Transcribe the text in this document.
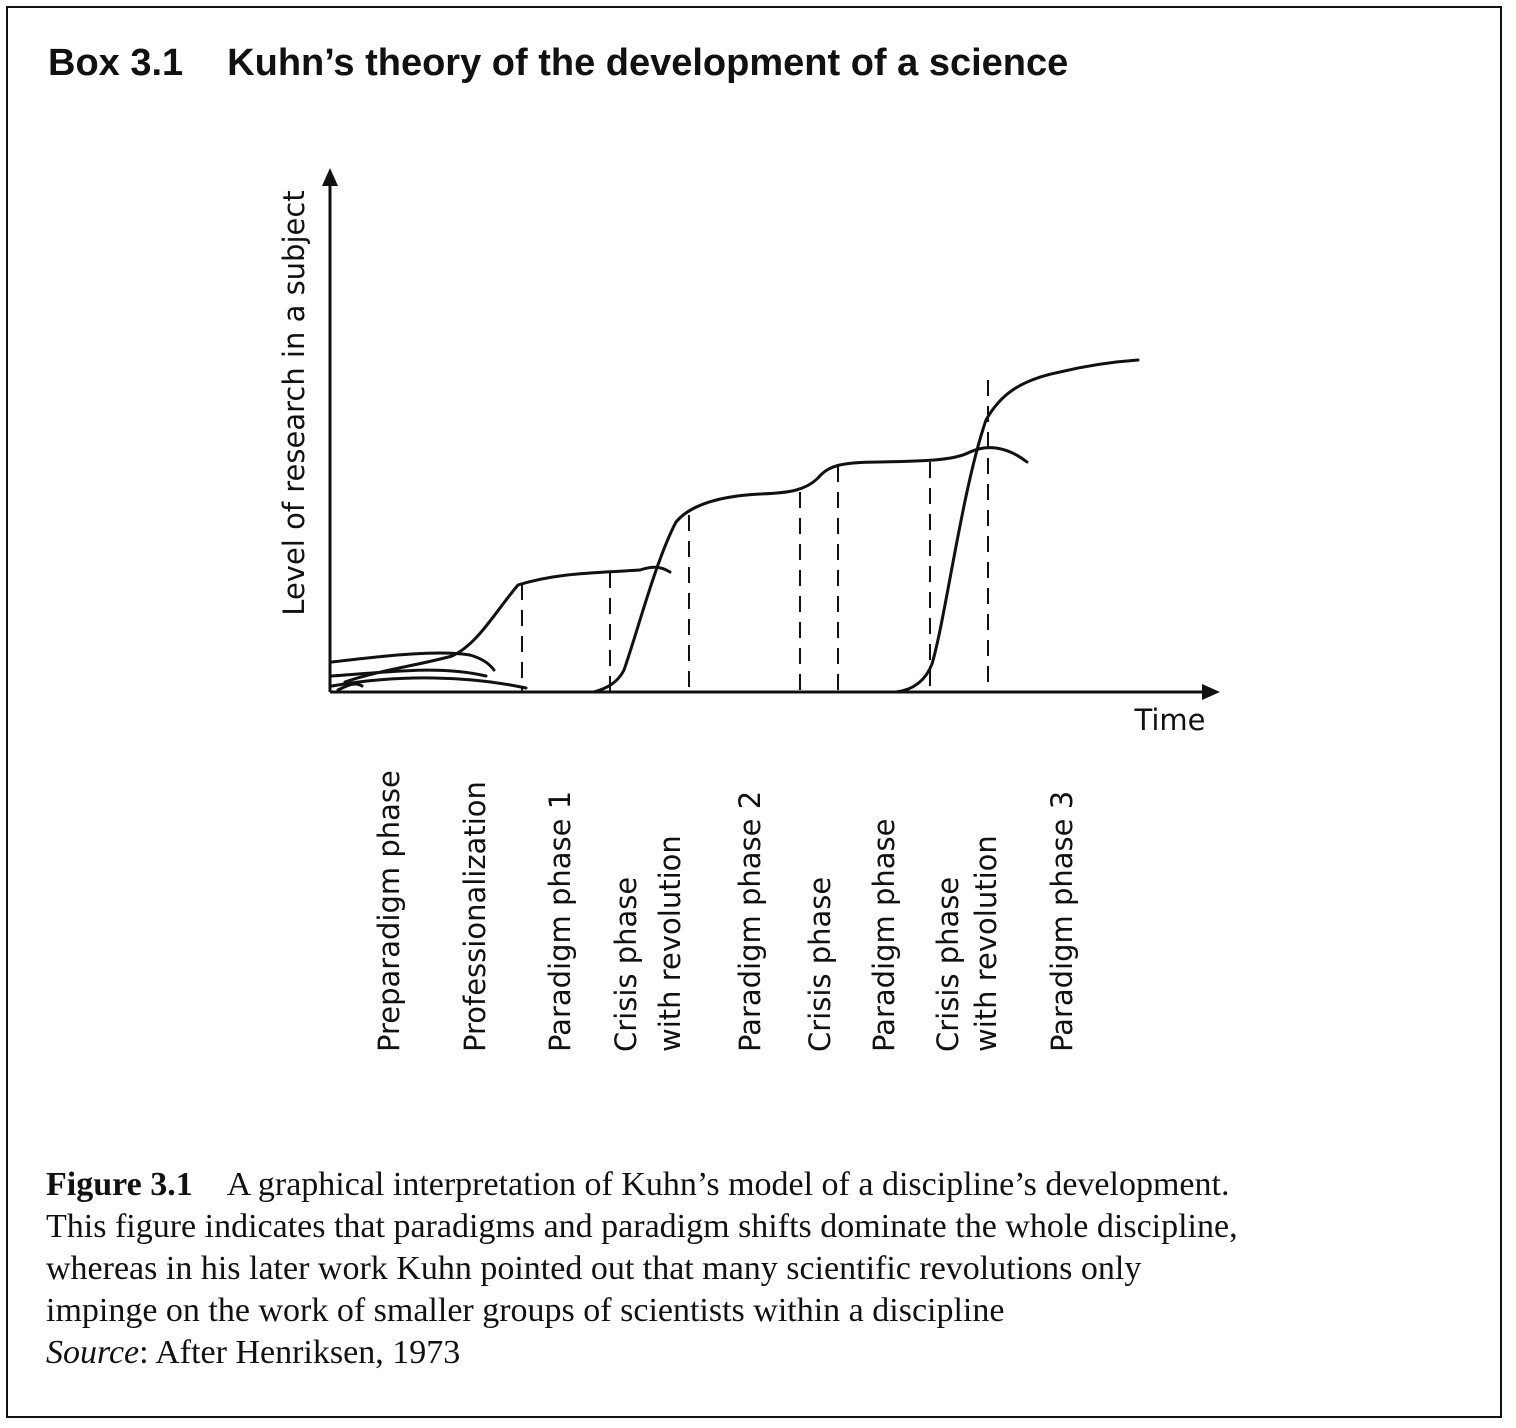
Box 3.1 Kuhn’s theory of the development of a science
Level of research in a subject
Time
Preparadigm phase Professionalization Paradigm phase 1 Crisis phase with revolution Paradigm phase 2 Crisis phase Paradigm phase Crisis phase with revolution Paradigm phase 3
Figure 3.1 A graphical interpretation of Kuhn’s model of a discipline’s development.
This figure indicates that paradigms and paradigm shifts dominate the whole discipline,
whereas in his later work Kuhn pointed out that many scientific revolutions only
impinge on the work of smaller groups of scientists within a discipline
Source: After Henriksen, 1973
